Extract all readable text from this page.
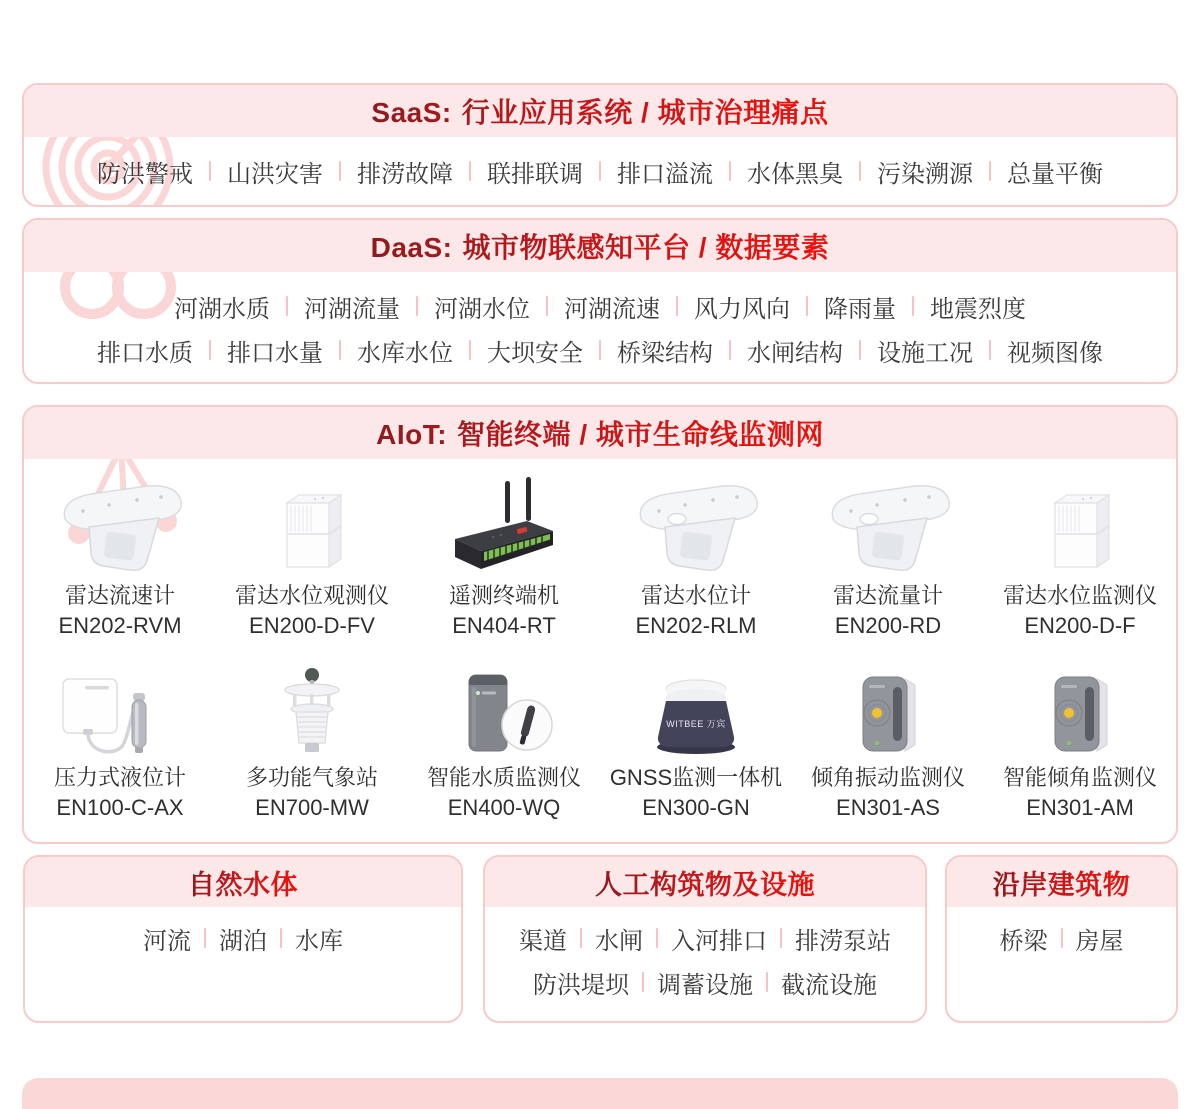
SaaS: 行业应用系统 / 城市治理痛点
防洪警戒 山洪灾害 排涝故障 联排联调 排口溢流 水体黑臭 污染溯源 总量平衡
DaaS: 城市物联感知平台 / 数据要素
河湖水质 河湖流量 河湖水位 河湖流速 风力风向 降雨量 地震烈度
排口水质 排口水量 水库水位 大坝安全 桥梁结构 水闸结构 设施工况 视频图像
AIoT: 智能终端 / 城市生命线监测网
雷达流速计
EN202-RVM
雷达水位观测仪
EN200-D-FV
遥测终端机
EN404-RT
雷达水位计
EN202-RLM
雷达流量计
EN200-RD
雷达水位监测仪
EN200-D-F
压力式液位计
EN100-C-AX
多功能气象站
EN700-MW
智能水质监测仪
EN400-WQ
WITBEE 万宾
GNSS监测一体机
EN300-GN
倾角振动监测仪
EN301-AS
智能倾角监测仪
EN301-AM
自然水体
河流 湖泊 水库
人工构筑物及设施
渠道 水闸 入河排口 排涝泵站
防洪堤坝 调蓄设施 截流设施
沿岸建筑物
桥梁 房屋
